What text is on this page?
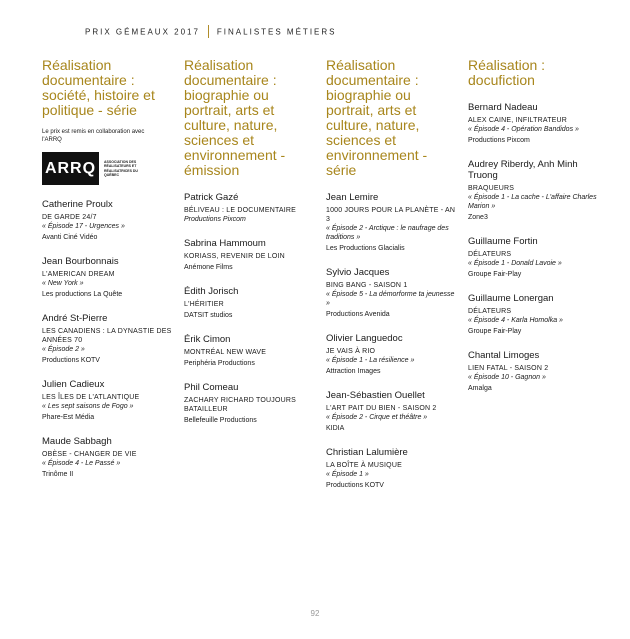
PRIX GÉMEAUX 2017 FINALISTES MÉTIERS
Réalisation documentaire : société, histoire et politique - série
Le prix est remis en collaboration avec l'ARRQ
ARRQ	ASSOCIATION DES RÉALISATEURS ET RÉALISATRICES DU QUÉBEC
Catherine Proulx
DE GARDE 24/7
« Épisode 17 - Urgences »
Avanti Ciné Vidéo
Jean Bourbonnais
L'AMERICAN DREAM
« New York »
Les productions La Quête
André St-Pierre
LES CANADIENS : LA DYNASTIE DES ANNÉES 70
« Épisode 2 »
Productions KOTV
Julien Cadieux
LES ÎLES DE L'ATLANTIQUE
« Les sept saisons de Fogo »
Phare-Est Média
Maude Sabbagh
OBÈSE - CHANGER DE VIE
« Épisode 4 - Le Passé »
Trinôme II
Réalisation documentaire : biographie ou portrait, arts et culture, nature, sciences et environnement - émission
Patrick Gazé
BÉLIVEAU : LE DOCUMENTAIRE
Productions Pixcom
Sabrina Hammoum
KORIASS, REVENIR DE LOIN
Anémone Films
Édith Jorisch
L'HÉRITIER
DATSIT studios
Érik Cimon
MONTRÉAL NEW WAVE
Periphéria Productions
Phil Comeau
ZACHARY RICHARD TOUJOURS BATAILLEUR
Bellefeuille Productions
Réalisation documentaire : biographie ou portrait, arts et culture, nature, sciences et environnement - série
Jean Lemire
1000 JOURS POUR LA PLANÈTE - AN 3
« Épisode 2 - Arctique : le naufrage des traditions »
Les Productions Glacialis
Sylvio Jacques
BING BANG - SAISON 1
« Épisode 5 - La démorforme ta jeunesse »
Productions Avenida
Olivier Languedoc
JE VAIS À RIO
« Épisode 1 - La résilience »
Attraction Images
Jean-Sébastien Ouellet
L'ART PAIT DU BIEN - SAISON 2
« Épisode 2 - Cirque et théâtre »
KIDIA
Christian Lalumière
LA BOÎTE À MUSIQUE
« Épisode 1 »
Productions KOTV
Réalisation : docufiction
Bernard Nadeau
ALEX CAINE, INFILTRATEUR
« Épisode 4 - Opération Bandidos »
Productions Pixcom
Audrey Riberdy, Anh Minh Truong
BRAQUEURS
« Épisode 1 - La cache - L'affaire Charles Marion »
Zone3
Guillaume Fortin
DÉLATEURS
« Épisode 1 - Donald Lavoie »
Groupe Fair-Play
Guillaume Lonergan
DÉLATEURS
« Épisode 4 - Karla Homolka »
Groupe Fair-Play
Chantal Limoges
LIEN FATAL - SAISON 2
« Épisode 10 - Gagnon »
Amalga
92
